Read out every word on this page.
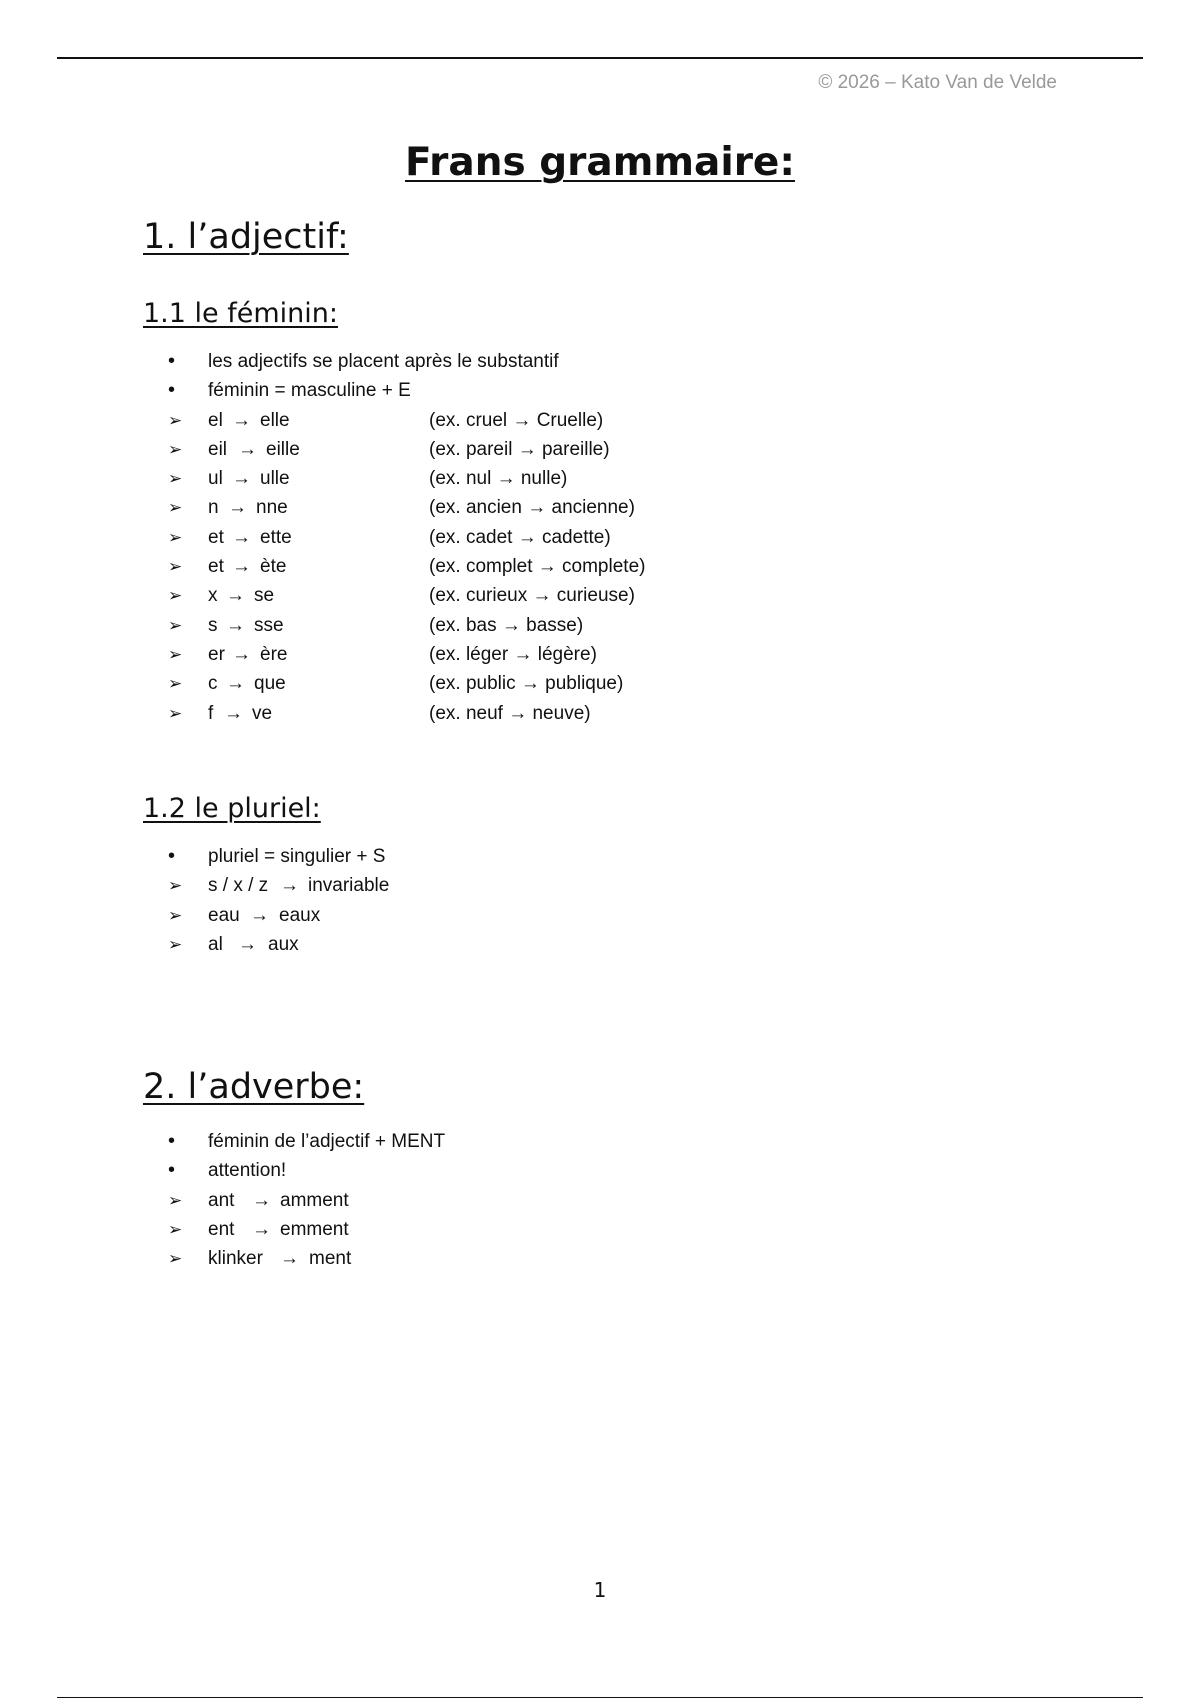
© 2026 – Kato Van de Velde
Frans grammaire:
1. l’adjectif:
1.1 le féminin:
•
les adjectifs se placent après le substantif
•
féminin = masculine + E
➢
el → elle	(ex. cruel → Cruelle)
➢
eil → eille	(ex. pareil → pareille)
➢
ul → ulle	(ex. nul → nulle)
➢
n → nne	(ex. ancien → ancienne)
➢
et → ette	(ex. cadet → cadette)
➢
et → ète	(ex. complet → complete)
➢
x → se	(ex. curieux → curieuse)
➢
s → sse	(ex. bas → basse)
➢
er → ère	(ex. léger → légère)
➢
c → que	(ex. public → publique)
➢
f → ve	(ex. neuf → neuve)
1.2 le pluriel:
•
pluriel = singulier + S
➢
s / x / z → invariable
➢
eau → eaux
➢
al → aux
2. l’adverbe:
•
féminin de l’adjectif + MENT
•
attention!
➢
ant → amment
➢
ent → emment
➢
klinker → ment
1
